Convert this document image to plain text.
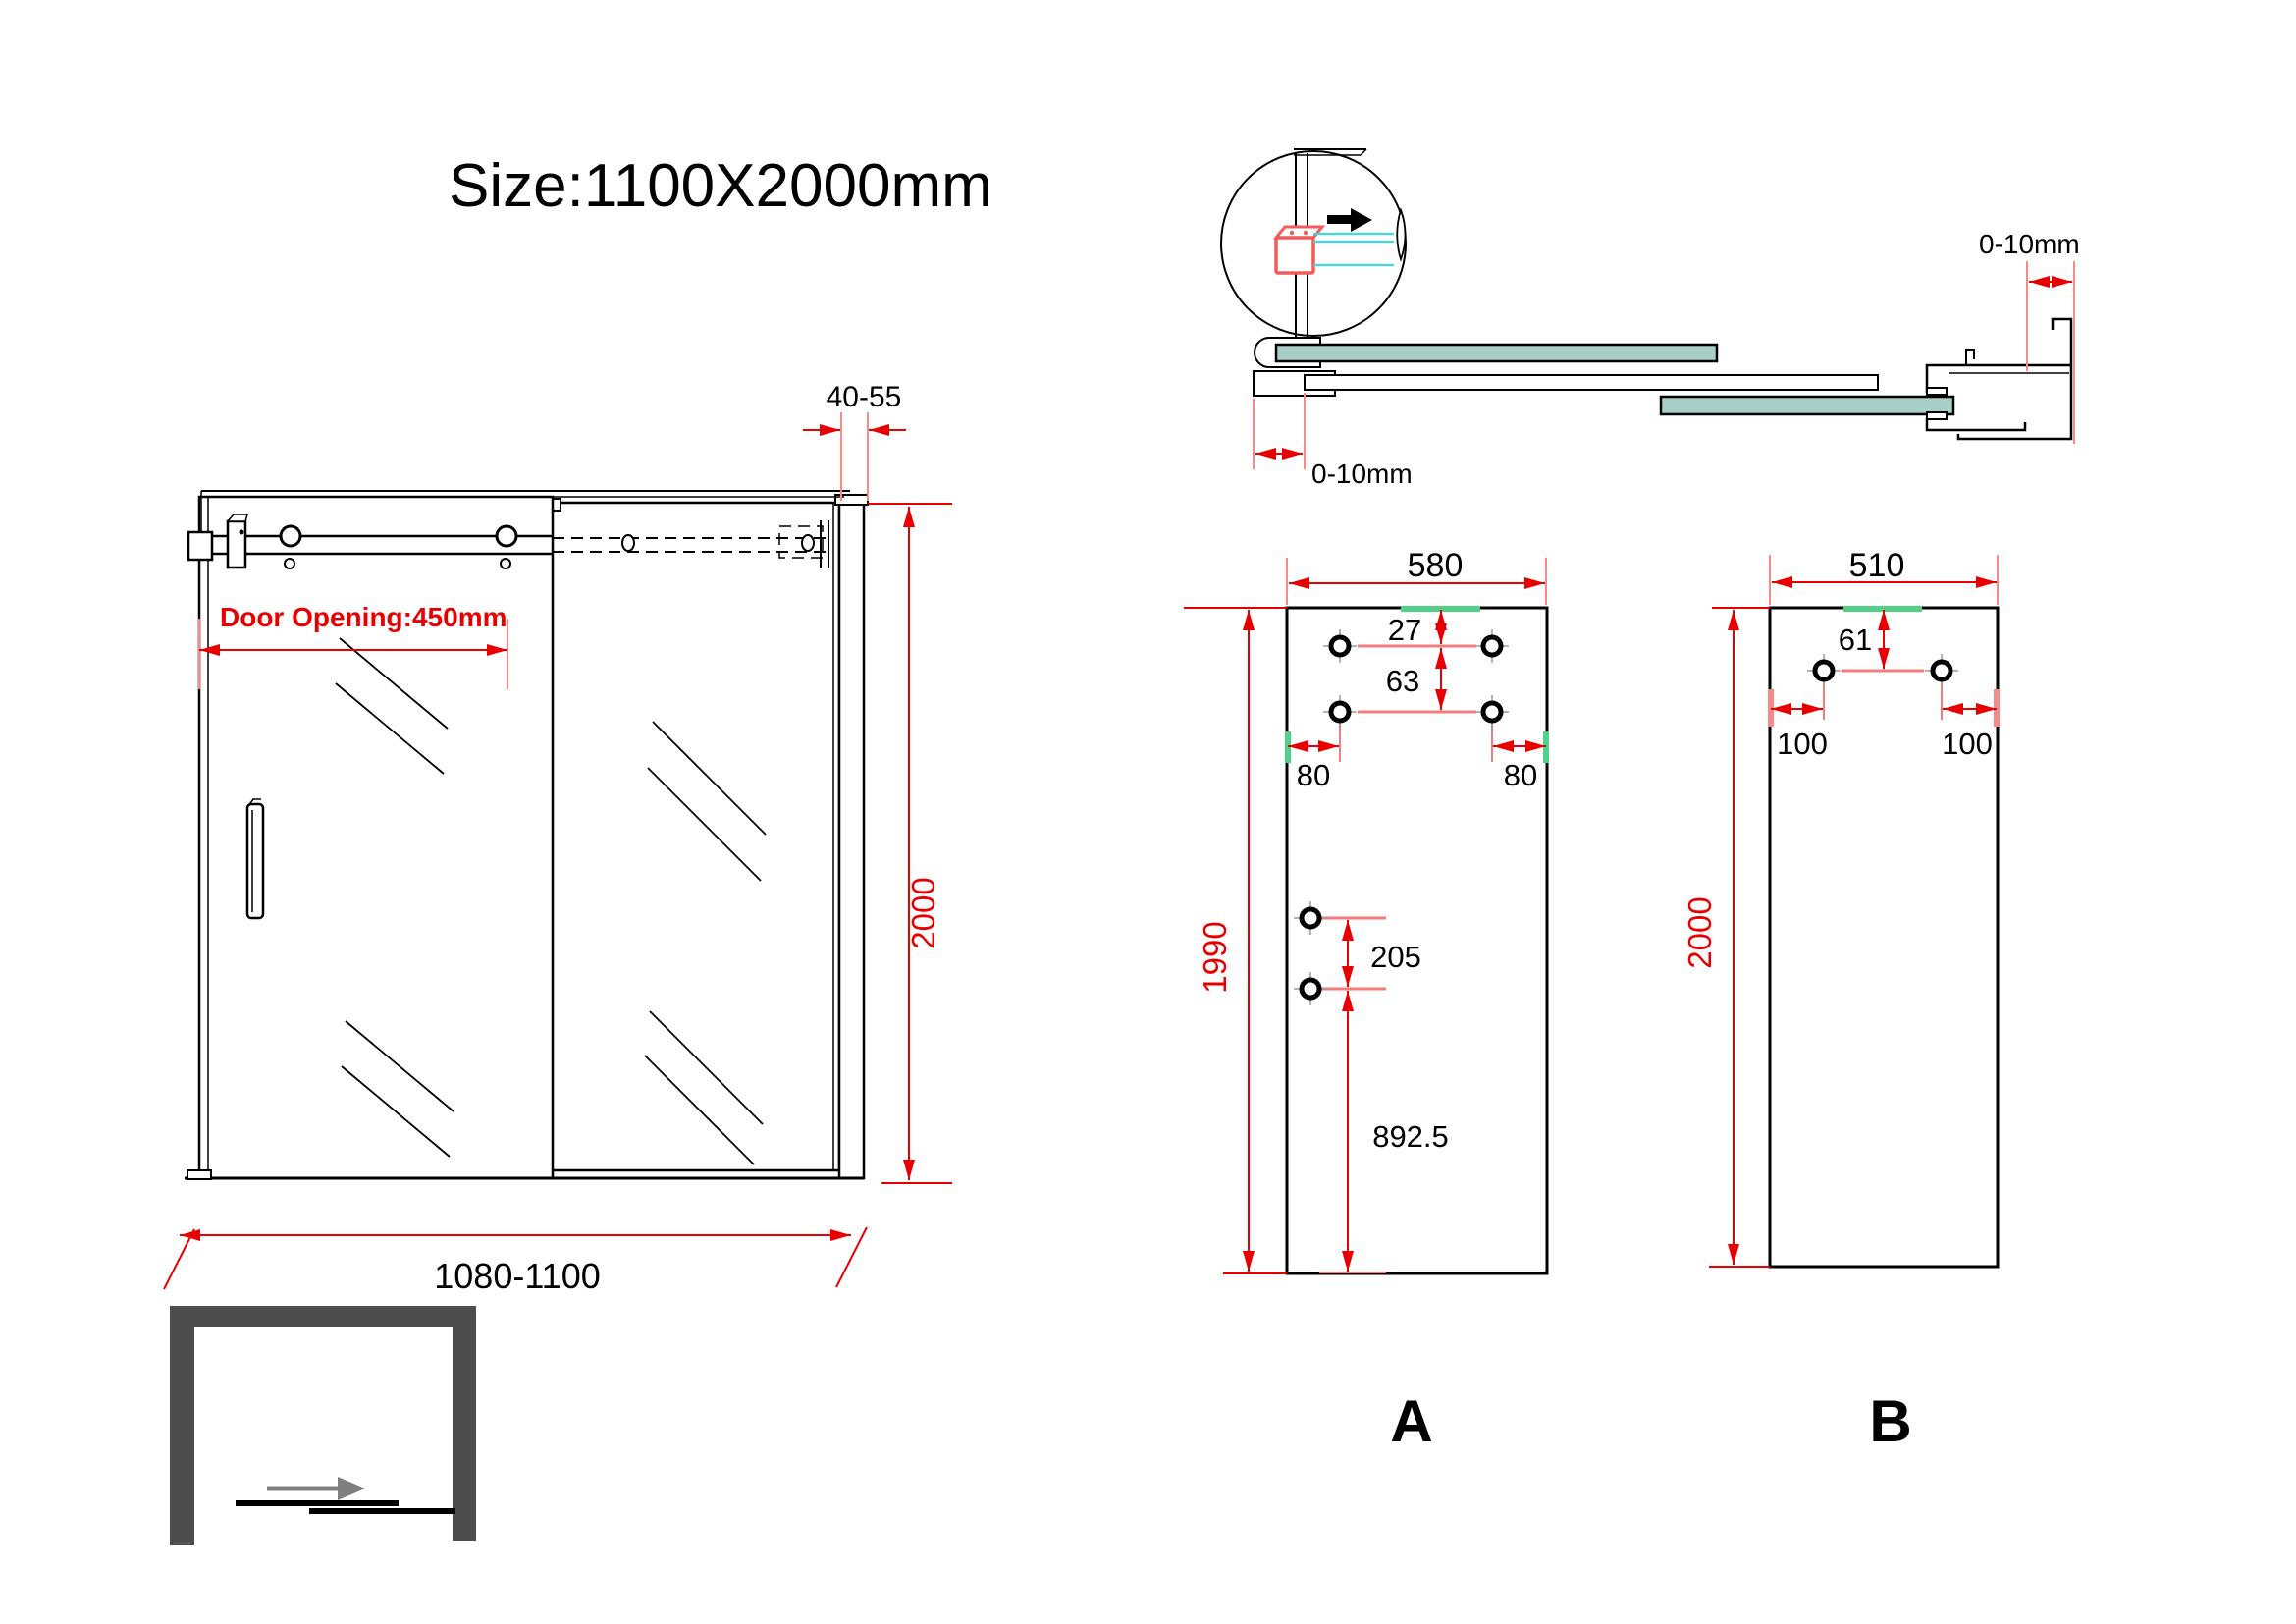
Size:1100X2000mm
Door Opening:450mm
40-55
2000
1080-1100
0-10mm
0-10mm
27
63
80	80
1990	205
892.5
580
A
61
100	100
2000
510
B
